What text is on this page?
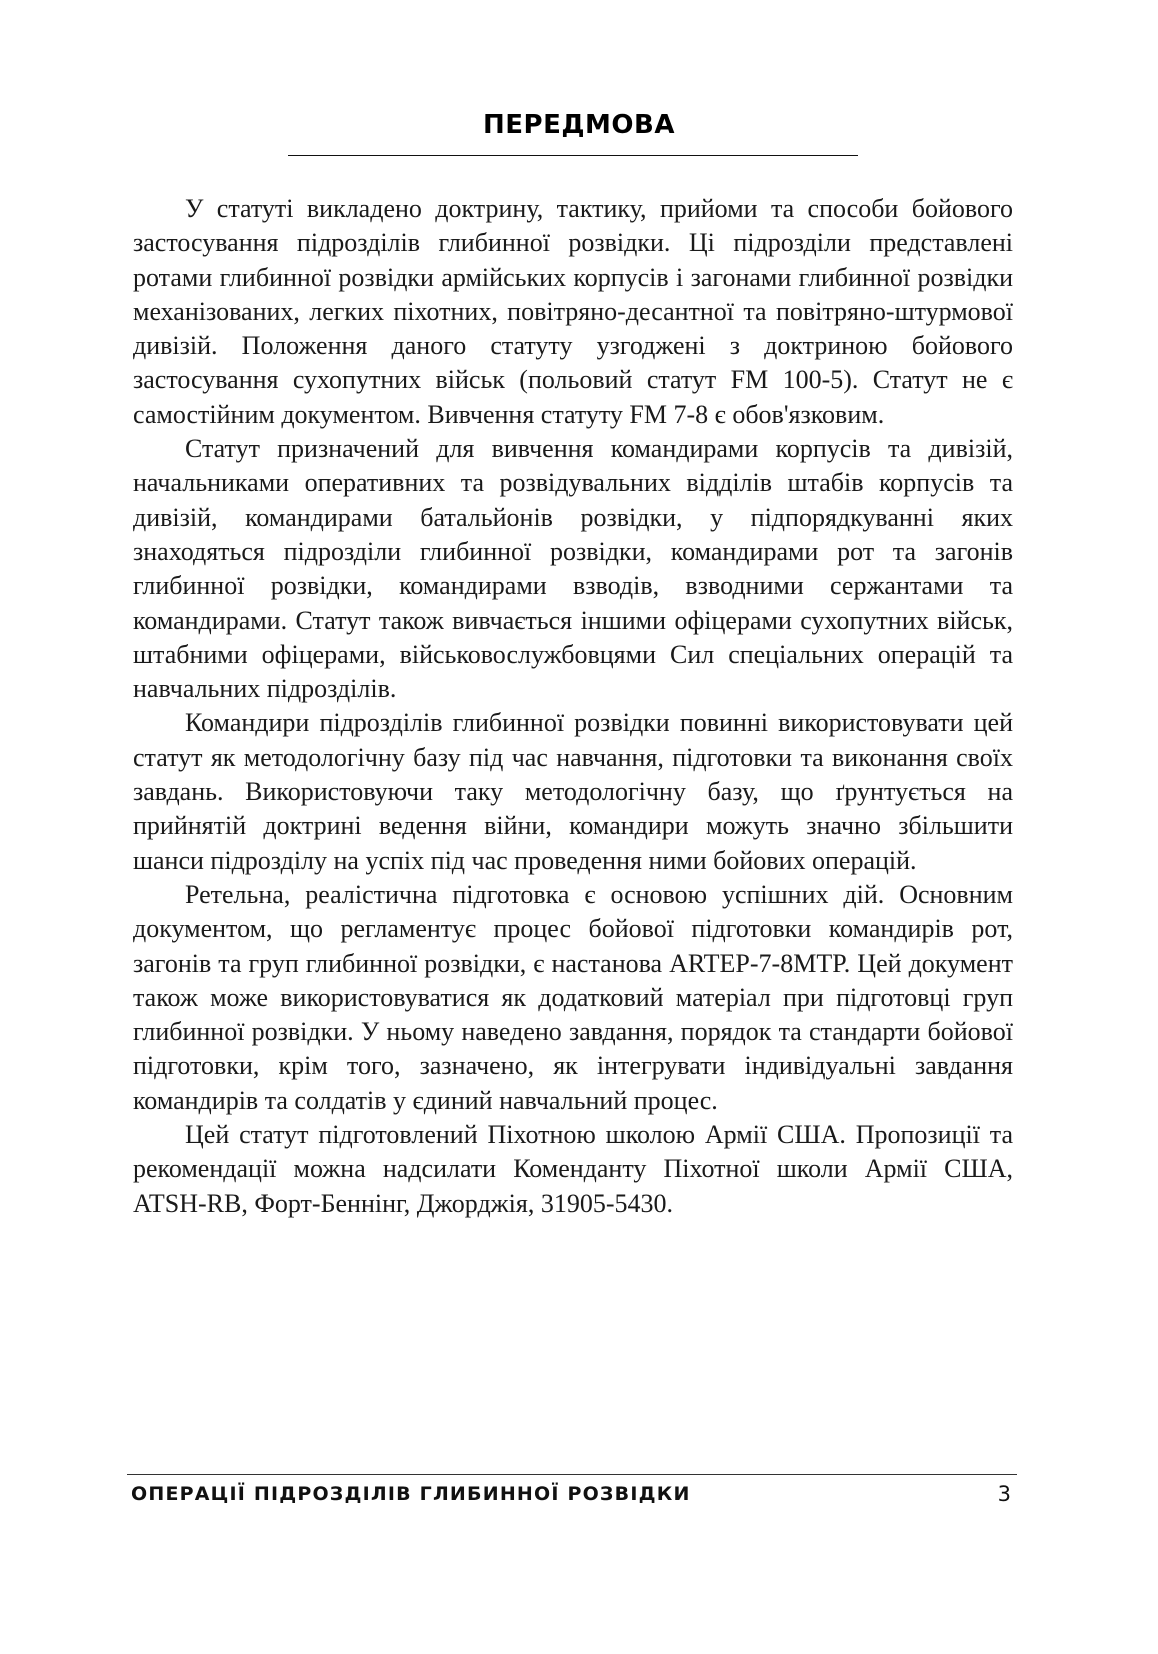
ПЕРЕДМОВА

У статуті викладено доктрину, тактику, прийоми та способи бойового застосування підрозділів глибинної розвідки. Ці підрозділи представлені ротами глибинної розвідки армійських корпусів і загонами глибинної розвідки механізованих, легких піхотних, повітряно-десантної та повітряно-штурмової дивізій. Положення даного статуту узгоджені з доктриною бойового застосування сухопутних військ (польовий статут FM 100-5). Статут не є самостійним документом. Вивчення статуту FM 7-8 є обов'язковим.

Статут призначений для вивчення командирами корпусів та дивізій, начальниками оперативних та розвідувальних відділів штабів корпусів та дивізій, командирами батальйонів розвідки, у підпорядкуванні яких знаходяться підрозділи глибинної розвідки, командирами рот та загонів глибинної розвідки, командирами взводів, взводними сержантами та командирами. Статут також вивчається іншими офіцерами сухопутних військ, штабними офіцерами, військовослужбовцями Сил спеціальних операцій та навчальних підрозділів.

Командири підрозділів глибинної розвідки повинні використовувати цей статут як методологічну базу під час навчання, підготовки та виконання своїх завдань. Використовуючи таку методологічну базу, що ґрунтується на прийнятій доктрині ведення війни, командири можуть значно збільшити шанси підрозділу на успіх під час проведення ними бойових операцій.

Ретельна, реалістична підготовка є основою успішних дій. Основним документом, що регламентує процес бойової підготовки командирів рот, загонів та груп глибинної розвідки, є настанова ARTEP-7-8MTP. Цей документ також може використовуватися як додатковий матеріал при підготовці груп глибинної розвідки. У ньому наведено завдання, порядок та стандарти бойової підготовки, крім того, зазначено, як інтегрувати індивідуальні завдання командирів та солдатів у єдиний навчальний процес.

Цей статут підготовлений Піхотною школою Армії США. Пропозиції та рекомендації можна надсилати Коменданту Піхотної школи Армії США, ATSH-RB, Форт-Беннінг, Джорджія, 31905-5430.

ОПЕРАЦІЇ ПІДРОЗДІЛІВ ГЛИБИННОЇ РОЗВІДКИ	3
